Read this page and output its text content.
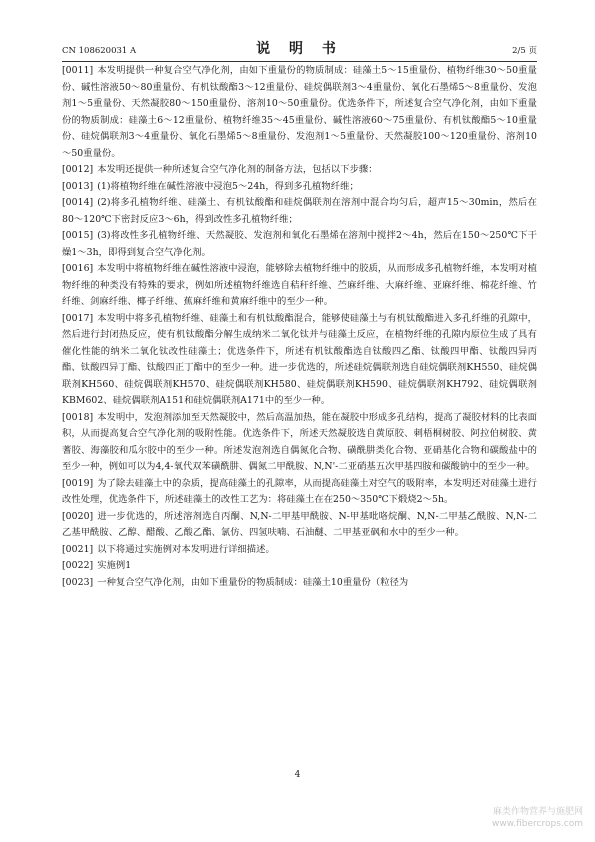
CN 108620031 A	说 明 书	2/5 页

[0011] 本发明提供一种复合空气净化剂，由如下重量份的物质制成：硅藻土5～15重量份、植物纤维30～50重量份、碱性溶液50～80重量份、有机钛酸酯3～12重量份、硅烷偶联剂3～4重量份、氧化石墨烯5～8重量份、发泡剂1～5重量份、天然凝胶80～150重量份、溶剂10～50重量份。优选条件下，所述复合空气净化剂，由如下重量份的物质制成：硅藻土6～12重量份、植物纤维35～45重量份、碱性溶液60～75重量份、有机钛酸酯5～10重量份、硅烷偶联剂3～4重量份、氧化石墨烯5～8重量份、发泡剂1～5重量份、天然凝胶100～120重量份、溶剂10～50重量份。

[0012] 本发明还提供一种所述复合空气净化剂的制备方法，包括以下步骤：

[0013] (1)将植物纤维在碱性溶液中浸泡5～24h，得到多孔植物纤维；

[0014] (2)将多孔植物纤维、硅藻土、有机钛酸酯和硅烷偶联剂在溶剂中混合均匀后，超声15～30min，然后在80～120℃下密封反应3～6h，得到改性多孔植物纤维；

[0015] (3)将改性多孔植物纤维、天然凝胶、发泡剂和氧化石墨烯在溶剂中搅拌2～4h，然后在150～250℃下干燥1～3h，即得到复合空气净化剂。

[0016] 本发明中将植物纤维在碱性溶液中浸泡，能够除去植物纤维中的胶质，从而形成多孔植物纤维，本发明对植物纤维的种类没有特殊的要求，例如所述植物纤维选自秸秆纤维、苎麻纤维、大麻纤维、亚麻纤维、棉花纤维、竹纤维、剑麻纤维、椰子纤维、蕉麻纤维和黄麻纤维中的至少一种。

[0017] 本发明中将多孔植物纤维、硅藻土和有机钛酸酯混合，能够使硅藻土与有机钛酸酯进入多孔纤维的孔隙中，然后进行封闭热反应，使有机钛酸酯分解生成纳米二氧化钛并与硅藻土反应，在植物纤维的孔隙内原位生成了具有催化性能的纳米二氧化钛改性硅藻土；优选条件下，所述有机钛酸酯选自钛酸四乙酯、钛酸四甲酯、钛酸四异丙酯、钛酸四异丁酯、钛酸四正丁酯中的至少一种。进一步优选的，所述硅烷偶联剂选自硅烷偶联剂KH550、硅烷偶联剂KH560、硅烷偶联剂KH570、硅烷偶联剂KH580、硅烷偶联剂KH590、硅烷偶联剂KH792、硅烷偶联剂KBM602、硅烷偶联剂A151和硅烷偶联剂A171中的至少一种。

[0018] 本发明中，发泡剂添加至天然凝胶中，然后高温加热，能在凝胶中形成多孔结构，提高了凝胶材料的比表面积，从而提高复合空气净化剂的吸附性能。优选条件下，所述天然凝胶选自黄原胶、刺梧桐树胶、阿拉伯树胶、黄蓍胶、海藻胶和瓜尔胶中的至少一种。所述发泡剂选自偶氮化合物、磺酰肼类化合物、亚硝基化合物和碳酸盐中的至少一种，例如可以为4,4-氧代双苯磺酰肼、偶氮二甲酰胺、N,N'-二亚硝基五次甲基四胺和碳酸钠中的至少一种。

[0019] 为了除去硅藻土中的杂质，提高硅藻土的孔隙率，从而提高硅藻土对空气的吸附率，本发明还对硅藻土进行改性处理，优选条件下，所述硅藻土的改性工艺为：将硅藻土在在250～350℃下煅烧2～5h。

[0020] 进一步优选的，所述溶剂选自丙酮、N,N-二甲基甲酰胺、N-甲基吡咯烷酮、N,N-二甲基乙酰胺、N,N-二乙基甲酰胺、乙醇、醋酸、乙酸乙酯、氯仿、四氢呋喃、石油醚、二甲基亚砜和水中的至少一种。

[0021] 以下将通过实施例对本发明进行详细描述。

[0022] 实施例1

[0023] 一种复合空气净化剂，由如下重量份的物质制成：硅藻土10重量份（粒径为

4
麻类作物营养与施肥网
www.fibercrops.com
